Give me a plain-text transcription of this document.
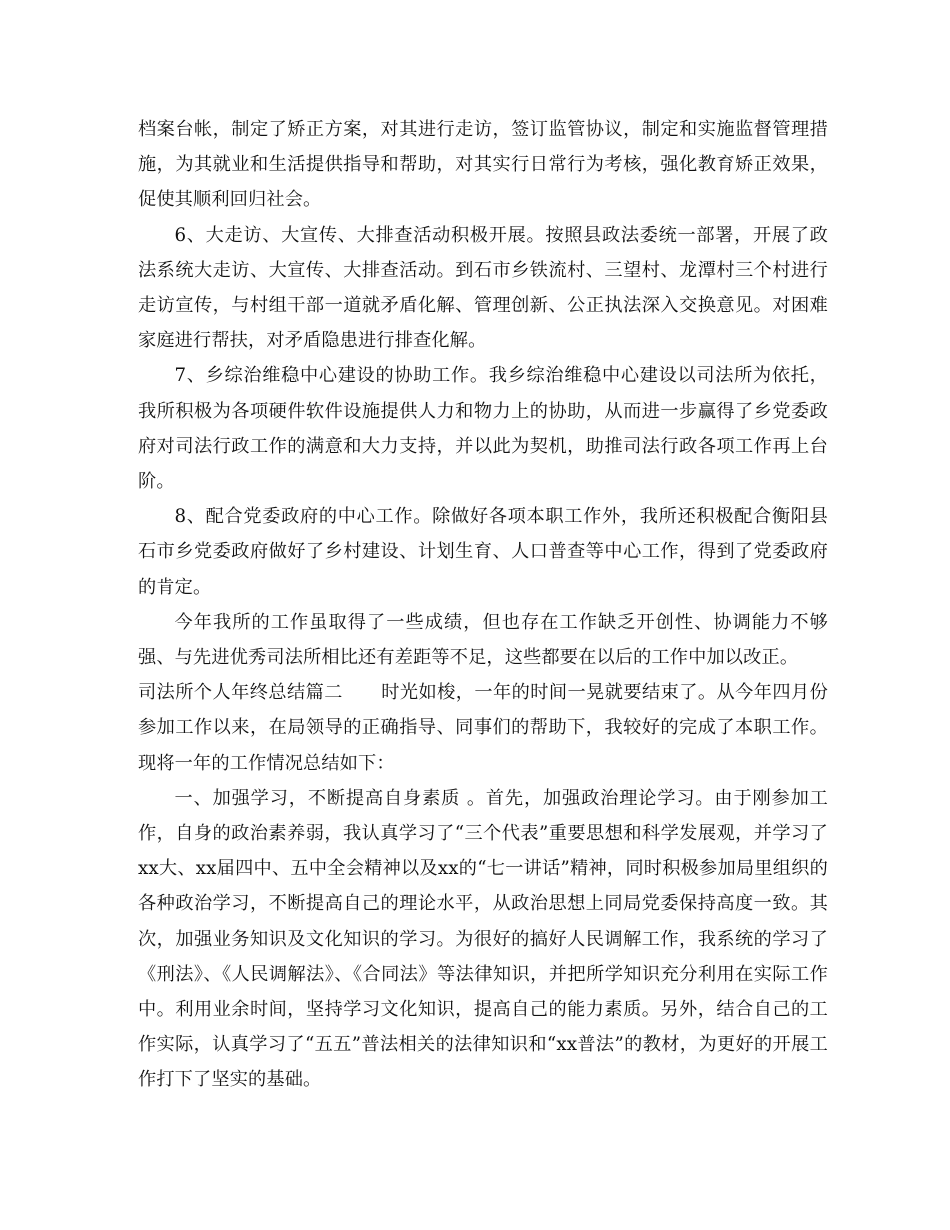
档案台帐，制定了矫正方案，对其进行走访，签订监管协议，制定和实施监督管理措施，为其就业和生活提供指导和帮助，对其实行日常行为考核，强化教育矫正效果，促使其顺利回归社会。

6、大走访、大宣传、大排查活动积极开展。按照县政法委统一部署，开展了政法系统大走访、大宣传、大排查活动。到石市乡铁流村、三望村、龙潭村三个村进行走访宣传，与村组干部一道就矛盾化解、管理创新、公正执法深入交换意见。对困难家庭进行帮扶，对矛盾隐患进行排查化解。

7、乡综治维稳中心建设的协助工作。我乡综治维稳中心建设以司法所为依托，我所积极为各项硬件软件设施提供人力和物力上的协助，从而进一步赢得了乡党委政府对司法行政工作的满意和大力支持，并以此为契机，助推司法行政各项工作再上台阶。

8、配合党委政府的中心工作。除做好各项本职工作外，我所还积极配合衡阳县石市乡党委政府做好了乡村建设、计划生育、人口普查等中心工作，得到了党委政府的肯定。

今年我所的工作虽取得了一些成绩，但也存在工作缺乏开创性、协调能力不够强、与先进优秀司法所相比还有差距等不足，这些都要在以后的工作中加以改正。

司法所个人年终总结篇二 时光如梭，一年的时间一晃就要结束了。从今年四月份参加工作以来，在局领导的正确指导、同事们的帮助下，我较好的完成了本职工作。现将一年的工作情况总结如下：

一、加强学习，不断提高自身素质 。首先，加强政治理论学习。由于刚参加工作，自身的政治素养弱，我认真学习了“三个代表”重要思想和科学发展观，并学习了xx大、xx届四中、五中全会精神以及xx的“七一讲话”精神，同时积极参加局里组织的各种政治学习，不断提高自己的理论水平，从政治思想上同局党委保持高度一致。其次，加强业务知识及文化知识的学习。为很好的搞好人民调解工作，我系统的学习了《刑法》、《人民调解法》、《合同法》等法律知识，并把所学知识充分利用在实际工作中。利用业余时间，坚持学习文化知识，提高自己的能力素质。另外，结合自己的工作实际，认真学习了“五五”普法相关的法律知识和“xx普法”的教材，为更好的开展工作打下了坚实的基础。
